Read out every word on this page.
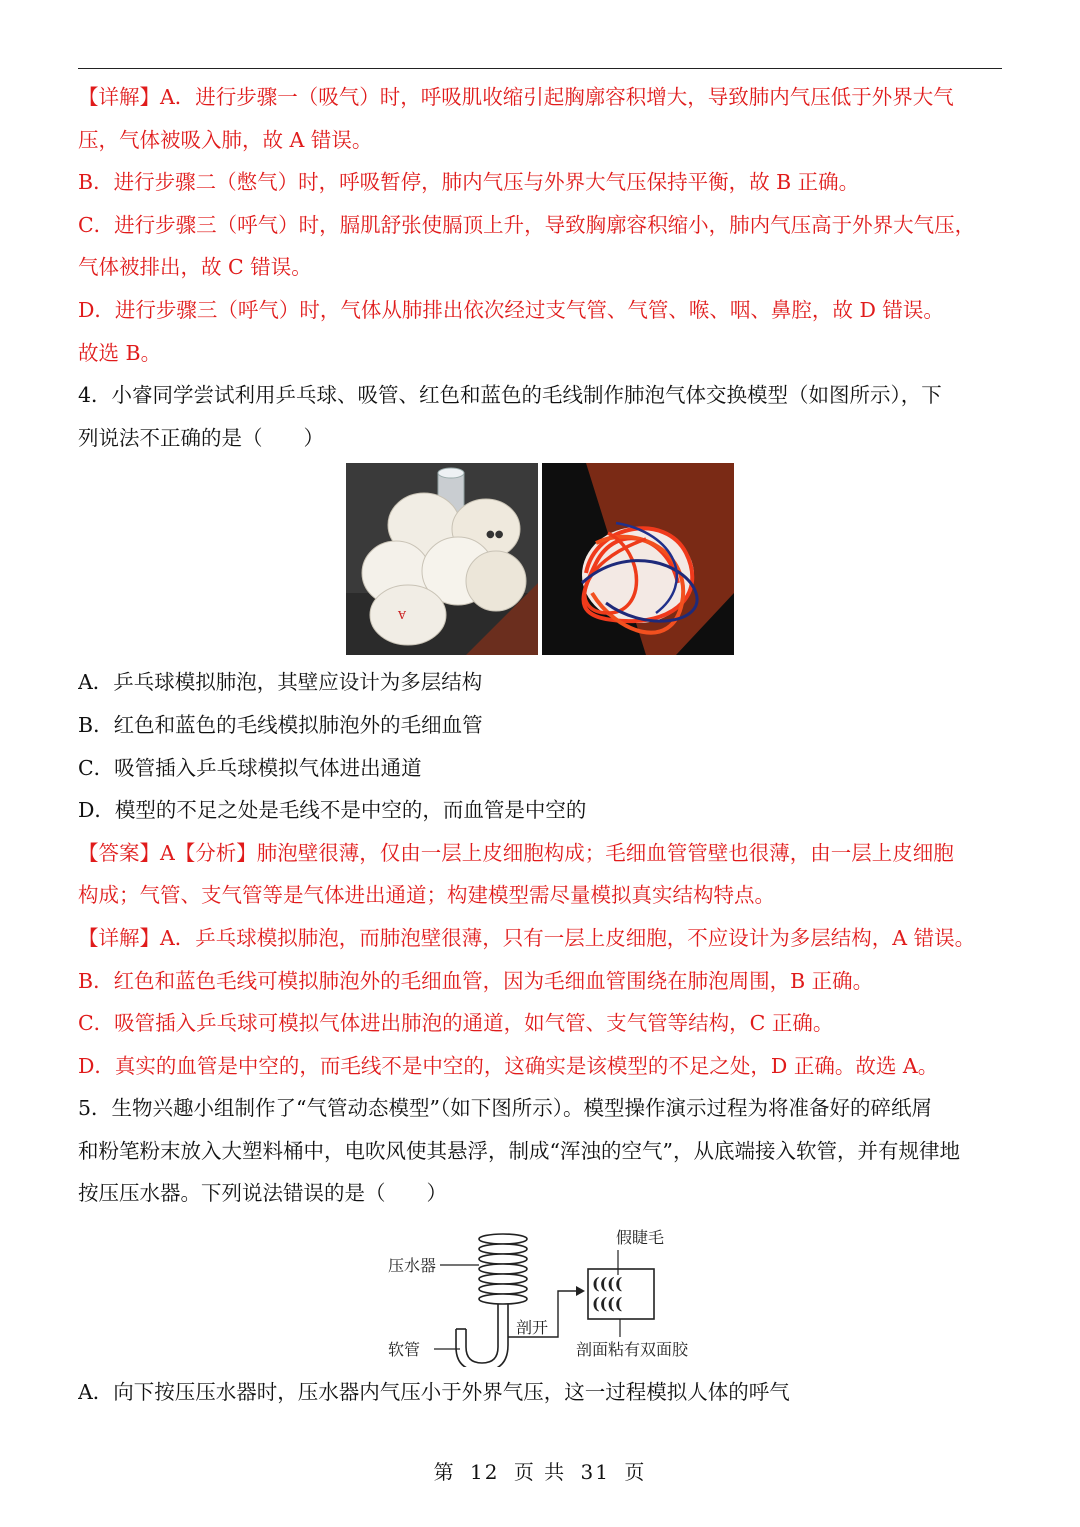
【详解】A．进行步骤一（吸气）时，呼吸肌收缩引起胸廓容积增大，导致肺内气压低于外界大气
压，气体被吸入肺，故 A 错误。
B．进行步骤二（憋气）时，呼吸暂停，肺内气压与外界大气压保持平衡，故 B 正确。
C．进行步骤三（呼气）时，膈肌舒张使膈顶上升，导致胸廓容积缩小，肺内气压高于外界大气压，
气体被排出，故 C 错误。
D．进行步骤三（呼气）时，气体从肺排出依次经过支气管、气管、喉、咽、鼻腔，故 D 错误。
故选 B。
4．小睿同学尝试利用乒乓球、吸管、红色和蓝色的毛线制作肺泡气体交换模型（如图所示），下
列说法不正确的是（　　）
Ɐ
●●
A．乒乓球模拟肺泡，其壁应设计为多层结构
B．红色和蓝色的毛线模拟肺泡外的毛细血管
C．吸管插入乒乓球模拟气体进出通道
D．模型的不足之处是毛线不是中空的，而血管是中空的
【答案】A【分析】肺泡壁很薄，仅由一层上皮细胞构成；毛细血管管壁也很薄，由一层上皮细胞
构成；气管、支气管等是气体进出通道；构建模型需尽量模拟真实结构特点。
【详解】A．乒乓球模拟肺泡，而肺泡壁很薄，只有一层上皮细胞，不应设计为多层结构，A 错误。
B．红色和蓝色毛线可模拟肺泡外的毛细血管，因为毛细血管围绕在肺泡周围，B 正确。
C．吸管插入乒乓球可模拟气体进出肺泡的通道，如气管、支气管等结构，C 正确。
D．真实的血管是中空的，而毛线不是中空的，这确实是该模型的不足之处，D 正确。故选 A。
5．生物兴趣小组制作了“气管动态模型”（如下图所示）。模型操作演示过程为将准备好的碎纸屑
和粉笔粉末放入大塑料桶中，电吹风使其悬浮，制成“浑浊的空气”，从底端接入软管，并有规律地
按压压水器。下列说法错误的是（　　）
((((
((((
压水器
软管
剖开
假睫毛
剖面粘有双面胶
A．向下按压压水器时，压水器内气压小于外界气压，这一过程模拟人体的呼气
第 12 页 共 31 页
